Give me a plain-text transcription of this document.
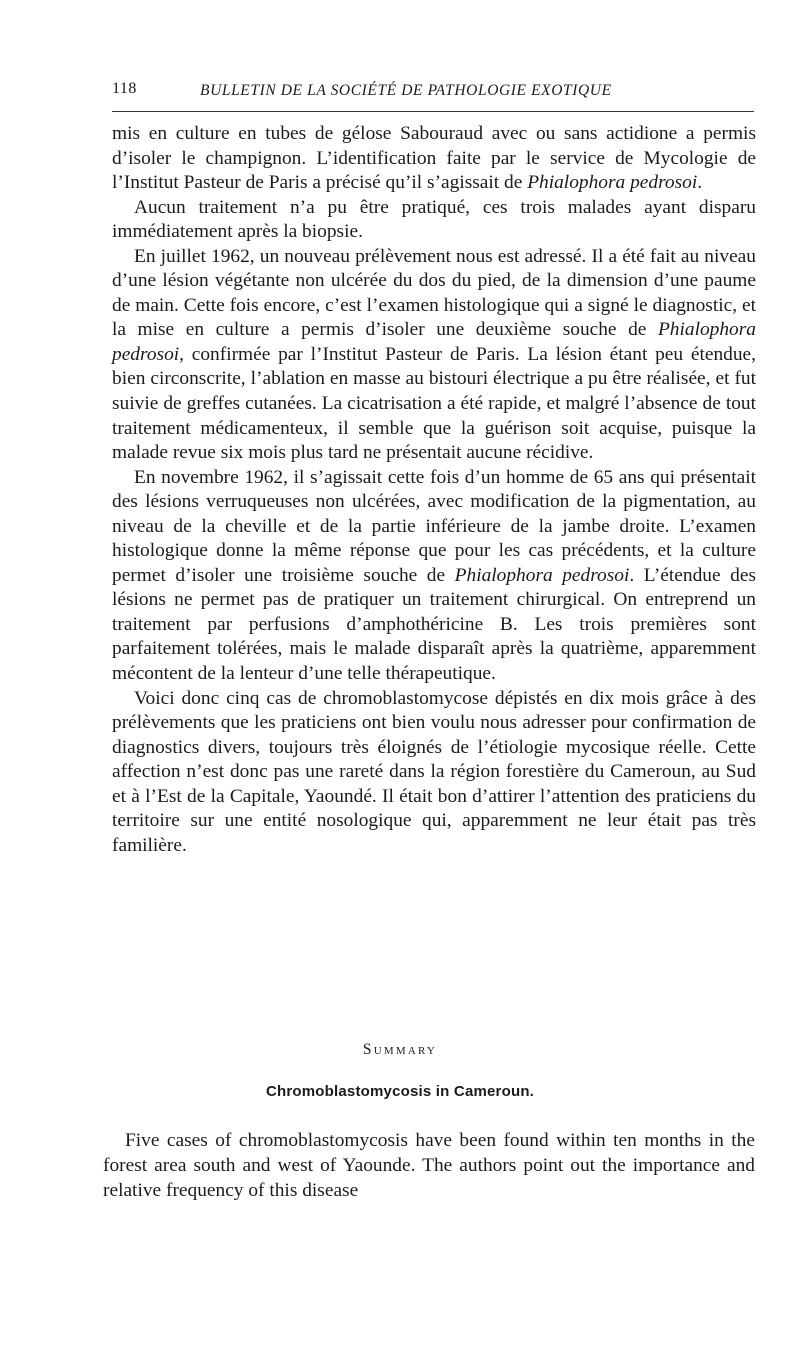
118	BULLETIN DE LA SOCIÉTÉ DE PATHOLOGIE EXOTIQUE

mis en culture en tubes de gélose Sabouraud avec ou sans actidione a permis d’isoler le champignon. L’identification faite par le service de Mycologie de l’Institut Pasteur de Paris a précisé qu’il s’agissait de Phialophora pedrosoi.

Aucun traitement n’a pu être pratiqué, ces trois malades ayant disparu immédiatement après la biopsie.

En juillet 1962, un nouveau prélèvement nous est adressé. Il a été fait au niveau d’une lésion végétante non ulcérée du dos du pied, de la dimension d’une paume de main. Cette fois encore, c’est l’examen histologique qui a signé le diagnostic, et la mise en culture a permis d’isoler une deuxième souche de Phialophora pedrosoi, confirmée par l’Institut Pasteur de Paris. La lésion étant peu étendue, bien circonscrite, l’ablation en masse au bistouri électrique a pu être réalisée, et fut suivie de greffes cutanées. La cicatrisation a été rapide, et malgré l’absence de tout traitement médicamenteux, il semble que la guérison soit acquise, puisque la malade revue six mois plus tard ne présentait aucune récidive.

En novembre 1962, il s’agissait cette fois d’un homme de 65 ans qui présentait des lésions verruqueuses non ulcérées, avec modification de la pigmentation, au niveau de la cheville et de la partie inférieure de la jambe droite. L’examen histologique donne la même réponse que pour les cas précédents, et la culture permet d’isoler une troisième souche de Phialophora pedrosoi. L’étendue des lésions ne permet pas de pratiquer un traitement chirurgical. On entreprend un traitement par perfusions d’amphothéricine B. Les trois premières sont parfaitement tolérées, mais le malade disparaît après la quatrième, apparemment mécontent de la lenteur d’une telle thérapeutique.

Voici donc cinq cas de chromoblastomycose dépistés en dix mois grâce à des prélèvements que les praticiens ont bien voulu nous adresser pour confirmation de diagnostics divers, toujours très éloignés de l’étiologie mycosique réelle. Cette affection n’est donc pas une rareté dans la région forestière du Cameroun, au Sud et à l’Est de la Capitale, Yaoundé. Il était bon d’attirer l’attention des praticiens du territoire sur une entité nosologique qui, apparemment ne leur était pas très familière.

Summary
Chromoblastomycosis in Cameroun.

Five cases of chromoblastomycosis have been found within ten months in the forest area south and west of Yaounde. The authors point out the importance and relative frequency of this disease
